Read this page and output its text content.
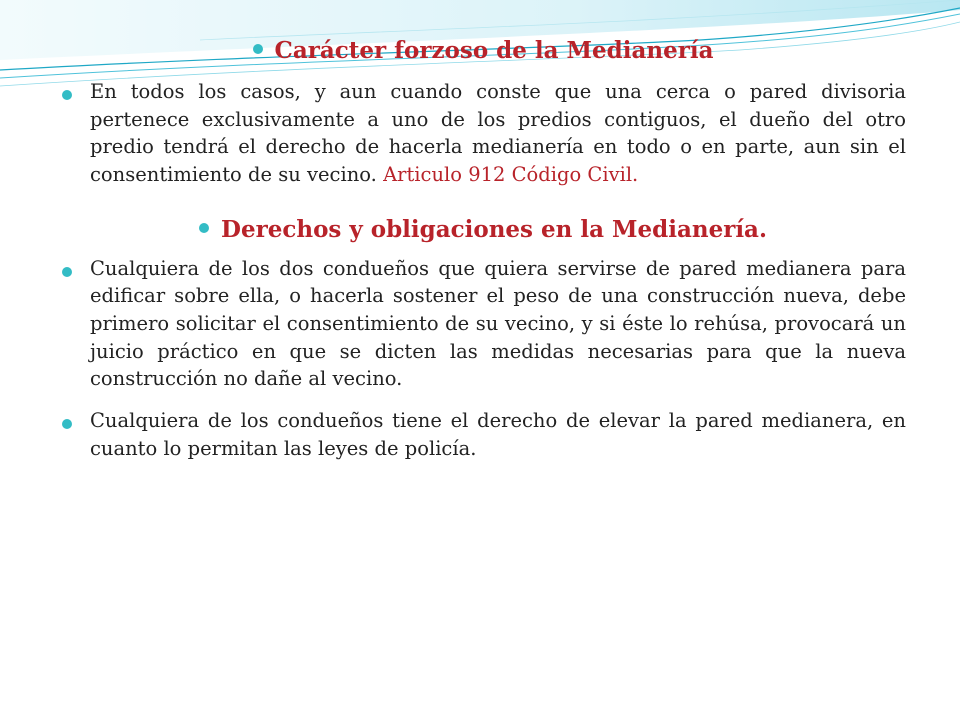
Carácter forzoso de la Medianería

En todos los casos, y aun cuando conste que una cerca o pared divisoria pertenece exclusivamente a uno de los predios contiguos, el dueño del otro predio tendrá el derecho de hacerla medianería en todo o en parte, aun sin el consentimiento de su vecino. Articulo 912 Código Civil.

Derechos y obligaciones en la Medianería.

Cualquiera de los dos condueños que quiera servirse de pared medianera para edificar sobre ella, o hacerla sostener el peso de una construcción nueva, debe primero solicitar el consentimiento de su vecino, y si éste lo rehúsa, provocará un juicio práctico en que se dicten las medidas necesarias para que la nueva construcción no dañe al vecino.

Cualquiera de los condueños tiene el derecho de elevar la pared medianera, en cuanto lo permitan las leyes de policía.
